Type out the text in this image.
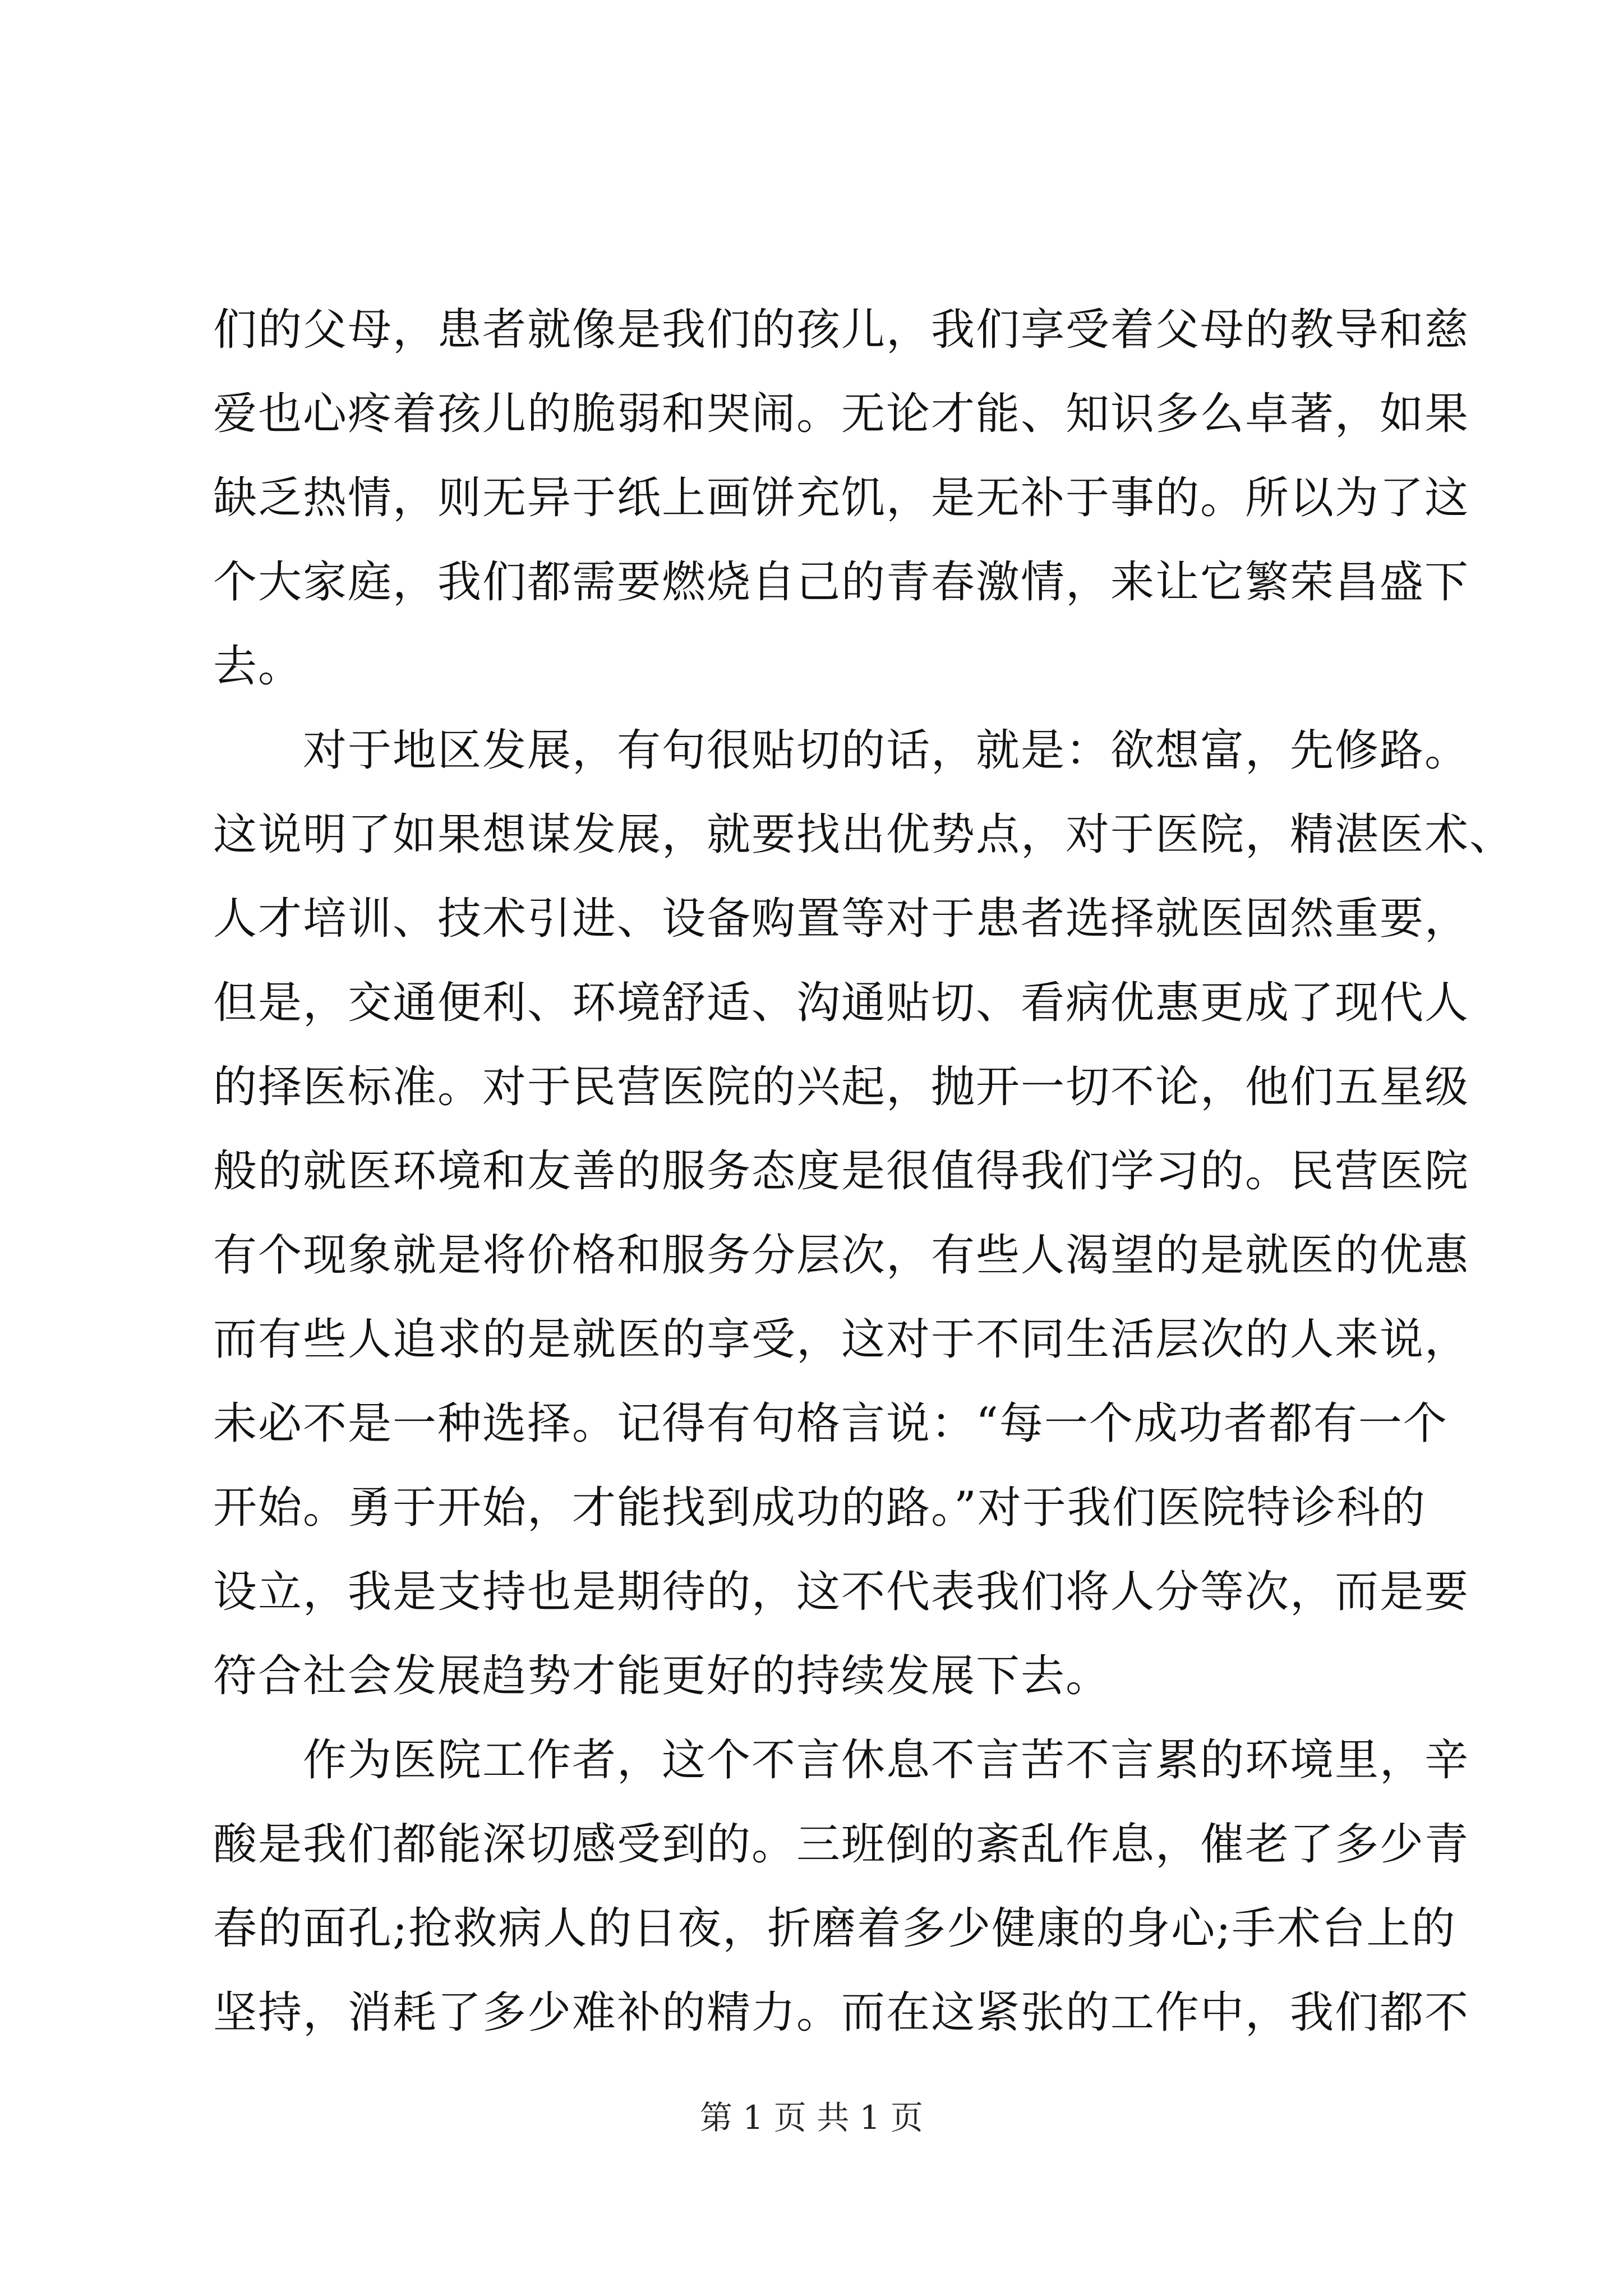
们的父母，患者就像是我们的孩儿，我们享受着父母的教导和慈
爱也心疼着孩儿的脆弱和哭闹。无论才能、知识多么卓著，如果
缺乏热情，则无异于纸上画饼充饥，是无补于事的。所以为了这
个大家庭，我们都需要燃烧自己的青春激情，来让它繁荣昌盛下
去。
对于地区发展，有句很贴切的话，就是：欲想富，先修路。
这说明了如果想谋发展，就要找出优势点，对于医院，精湛医术、
人才培训、技术引进、设备购置等对于患者选择就医固然重要，
但是，交通便利、环境舒适、沟通贴切、看病优惠更成了现代人
的择医标准。对于民营医院的兴起，抛开一切不论，他们五星级
般的就医环境和友善的服务态度是很值得我们学习的。民营医院
有个现象就是将价格和服务分层次，有些人渴望的是就医的优惠
而有些人追求的是就医的享受，这对于不同生活层次的人来说，
未必不是一种选择。记得有句格言说：“每一个成功者都有一个
开始。勇于开始，才能找到成功的路。”对于我们医院特诊科的
设立，我是支持也是期待的，这不代表我们将人分等次，而是要
符合社会发展趋势才能更好的持续发展下去。
作为医院工作者，这个不言休息不言苦不言累的环境里，辛
酸是我们都能深切感受到的。三班倒的紊乱作息，催老了多少青
春的面孔;抢救病人的日夜，折磨着多少健康的身心;手术台上的
坚持，消耗了多少难补的精力。而在这紧张的工作中，我们都不
第 1 页 共 1 页
